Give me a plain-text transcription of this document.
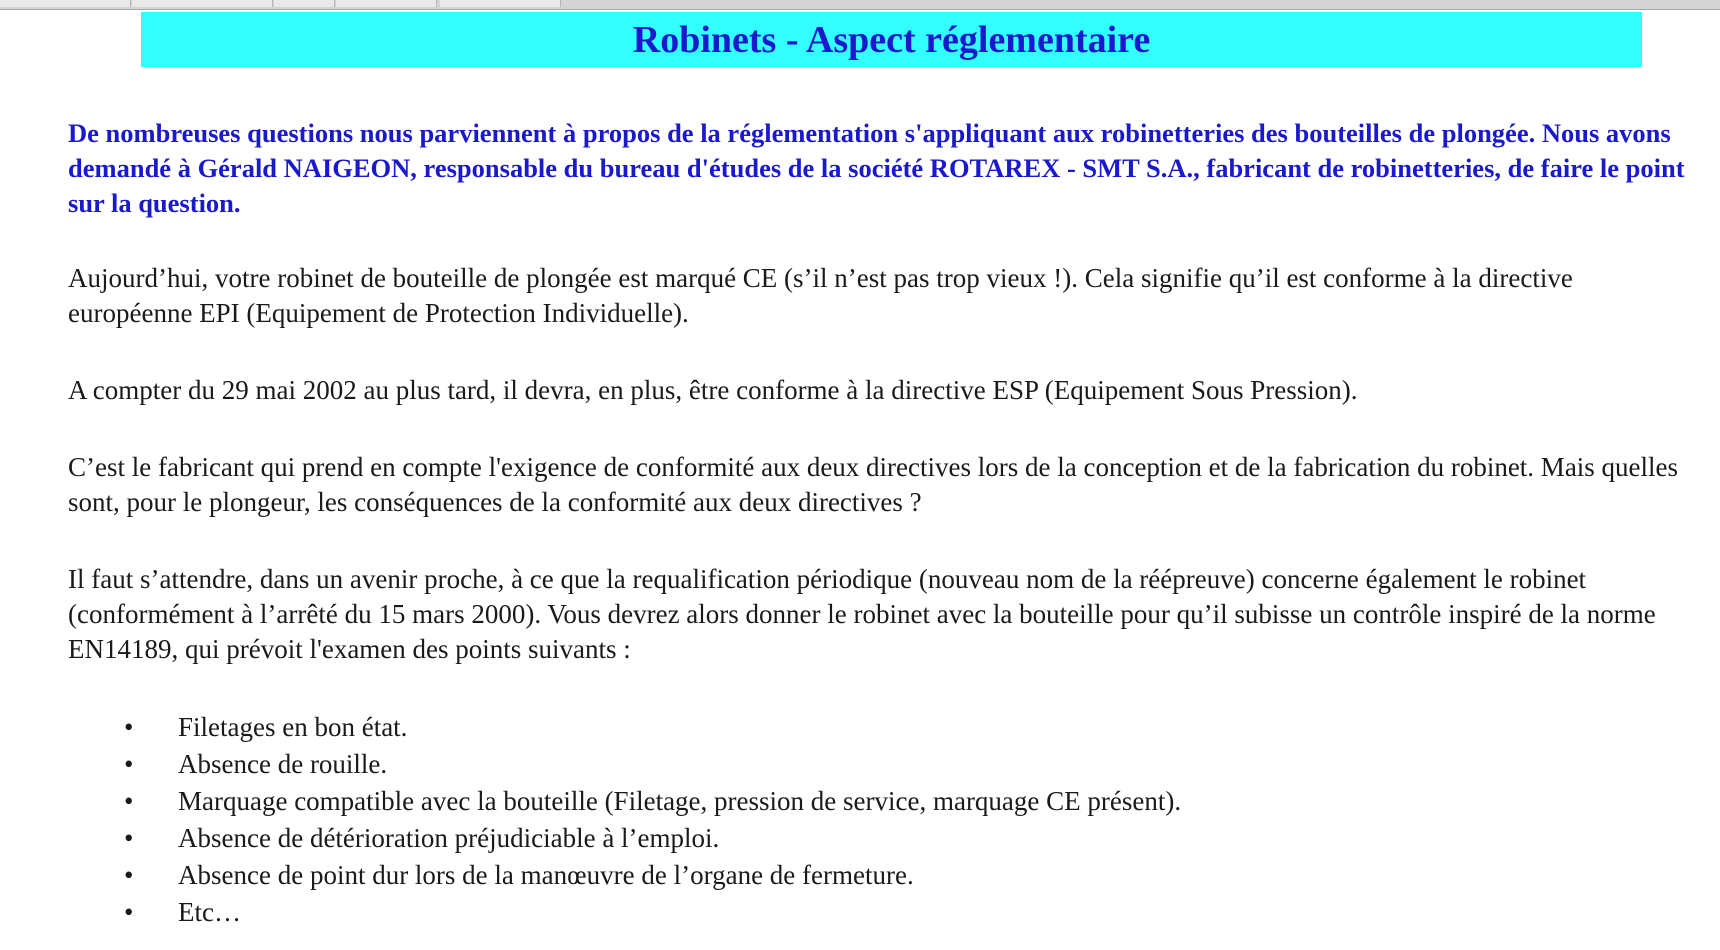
Robinets - Aspect réglementaire

De nombreuses questions nous parviennent à propos de la réglementation s'appliquant aux robinetteries des bouteilles de plongée. Nous avons demandé à Gérald NAIGEON, responsable du bureau d'études de la société ROTAREX - SMT S.A., fabricant de robinetteries, de faire le point sur la question.

Aujourd’hui, votre robinet de bouteille de plongée est marqué CE (s’il n’est pas trop vieux !). Cela signifie qu’il est conforme à la directive européenne EPI (Equipement de Protection Individuelle).

A compter du 29 mai 2002 au plus tard, il devra, en plus, être conforme à la directive ESP (Equipement Sous Pression).

C’est le fabricant qui prend en compte l'exigence de conformité aux deux directives lors de la conception et de la fabrication du robinet. Mais quelles sont, pour le plongeur, les conséquences de la conformité aux deux directives ?

Il faut s’attendre, dans un avenir proche, à ce que la requalification périodique (nouveau nom de la réépreuve) concerne également le robinet (conformément à l’arrêté du 15 mars 2000). Vous devrez alors donner le robinet avec la bouteille pour qu’il subisse un contrôle inspiré de la norme EN14189, qui prévoit l'examen des points suivants :

• Filetages en bon état.
• Absence de rouille.
• Marquage compatible avec la bouteille (Filetage, pression de service, marquage CE présent).
• Absence de détérioration préjudiciable à l’emploi.
• Absence de point dur lors de la manœuvre de l’organe de fermeture.
• Etc…
